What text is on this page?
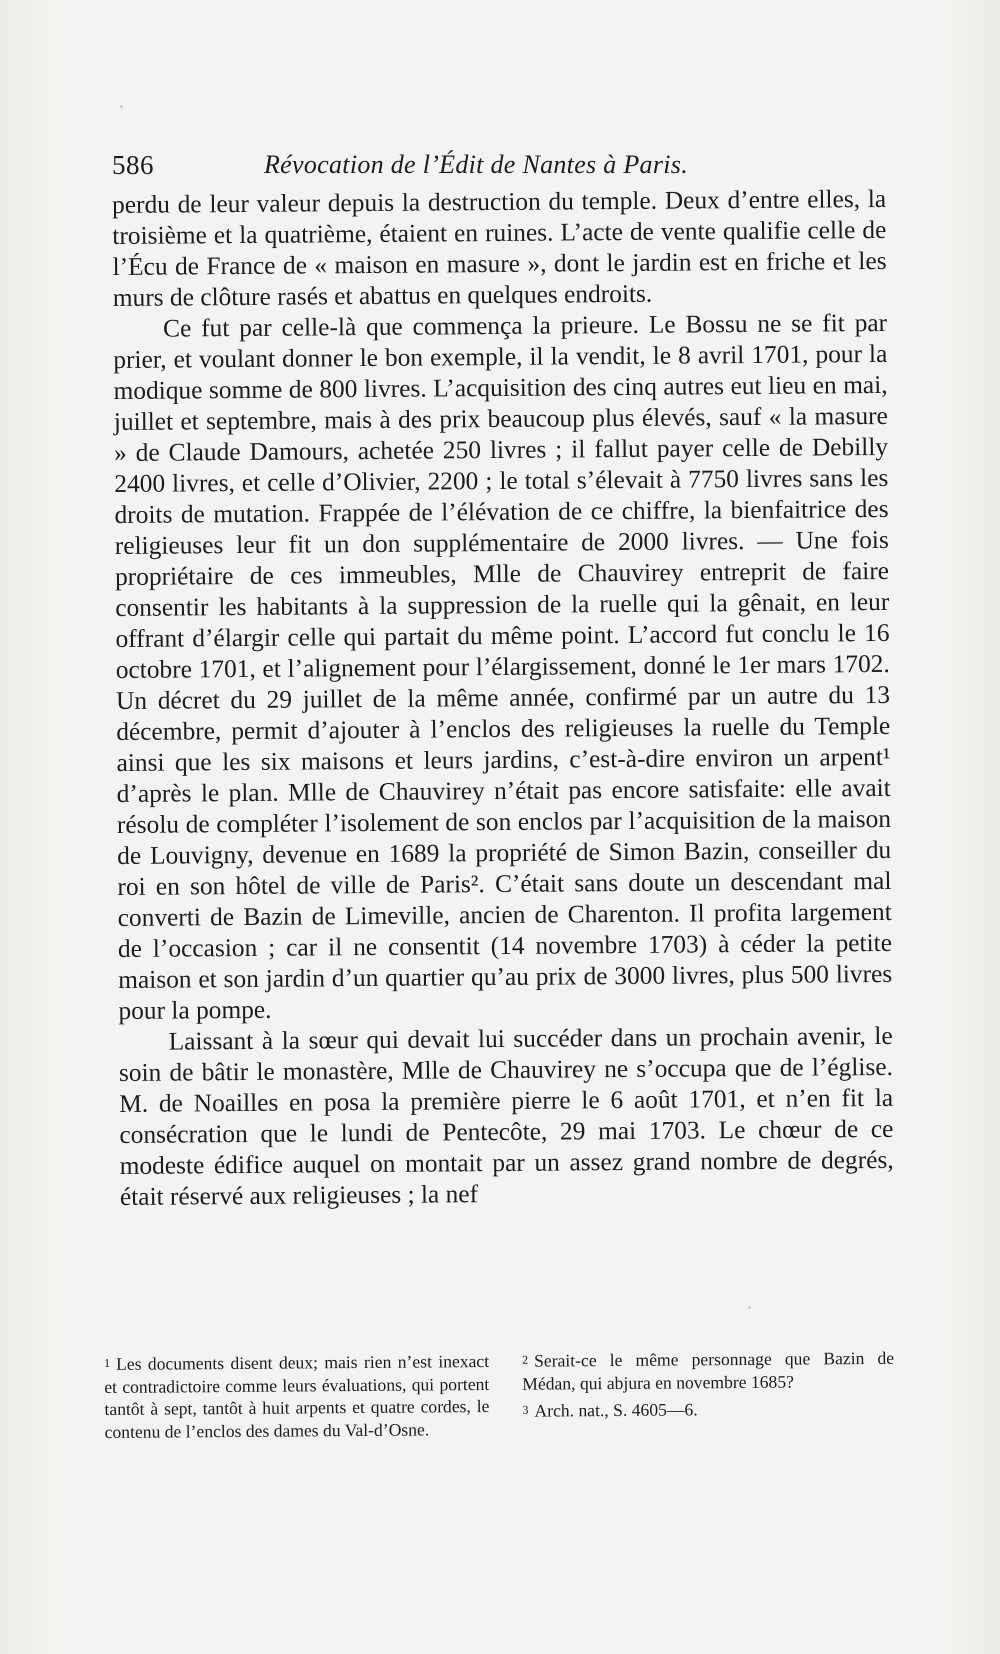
586	Révocation de l’Édit de Nantes à Paris.

perdu de leur valeur depuis la destruction du temple. Deux d’entre elles, la troisième et la quatrième, étaient en ruines. L’acte de vente qualifie celle de l’Écu de France de « maison en masure », dont le jardin est en friche et les murs de clôture rasés et abattus en quelques endroits.

Ce fut par celle-là que commença la prieure. Le Bossu ne se fit par prier, et voulant donner le bon exemple, il la vendit, le 8 avril 1701, pour la modique somme de 800 livres. L’acquisition des cinq autres eut lieu en mai, juillet et septembre, mais à des prix beaucoup plus élevés, sauf « la masure » de Claude Damours, achetée 250 livres ; il fallut payer celle de Debilly 2400 livres, et celle d’Olivier, 2200 ; le total s’élevait à 7750 livres sans les droits de mutation. Frappée de l’élévation de ce chiffre, la bienfaitrice des religieuses leur fit un don supplémentaire de 2000 livres. — Une fois propriétaire de ces immeubles, Mlle de Chauvirey entreprit de faire consentir les habitants à la suppression de la ruelle qui la gênait, en leur offrant d’élargir celle qui partait du même point. L’accord fut conclu le 16 octobre 1701, et l’alignement pour l’élargissement, donné le 1er mars 1702. Un décret du 29 juillet de la même année, confirmé par un autre du 13 décembre, permit d’ajouter à l’enclos des religieuses la ruelle du Temple ainsi que les six maisons et leurs jardins, c’est-à-dire environ un arpent¹ d’après le plan. Mlle de Chauvirey n’était pas encore satisfaite: elle avait résolu de compléter l’isolement de son enclos par l’acquisition de la maison de Louvigny, devenue en 1689 la propriété de Simon Bazin, conseiller du roi en son hôtel de ville de Paris². C’était sans doute un descendant mal converti de Bazin de Limeville, ancien de Charenton. Il profita largement de l’occasion ; car il ne consentit (14 novembre 1703) à céder la petite maison et son jardin d’un quartier qu’au prix de 3000 livres, plus 500 livres pour la pompe.

Laissant à la sœur qui devait lui succéder dans un prochain avenir, le soin de bâtir le monastère, Mlle de Chauvirey ne s’occupa que de l’église. M. de Noailles en posa la première pierre le 6 août 1701, et n’en fit la consécration que le lundi de Pentecôte, 29 mai 1703. Le chœur de ce modeste édifice auquel on montait par un assez grand nombre de degrés, était réservé aux religieuses ; la nef

1 Les documents disent deux; mais rien n’est inexact et contradictoire comme leurs évaluations, qui portent tantôt à sept, tantôt à huit arpents et quatre cordes, le contenu de l’enclos des dames du Val-d’Osne.

2 Serait-ce le même personnage que Bazin de Médan, qui abjura en novembre 1685?

3 Arch. nat., S. 4605—6.
